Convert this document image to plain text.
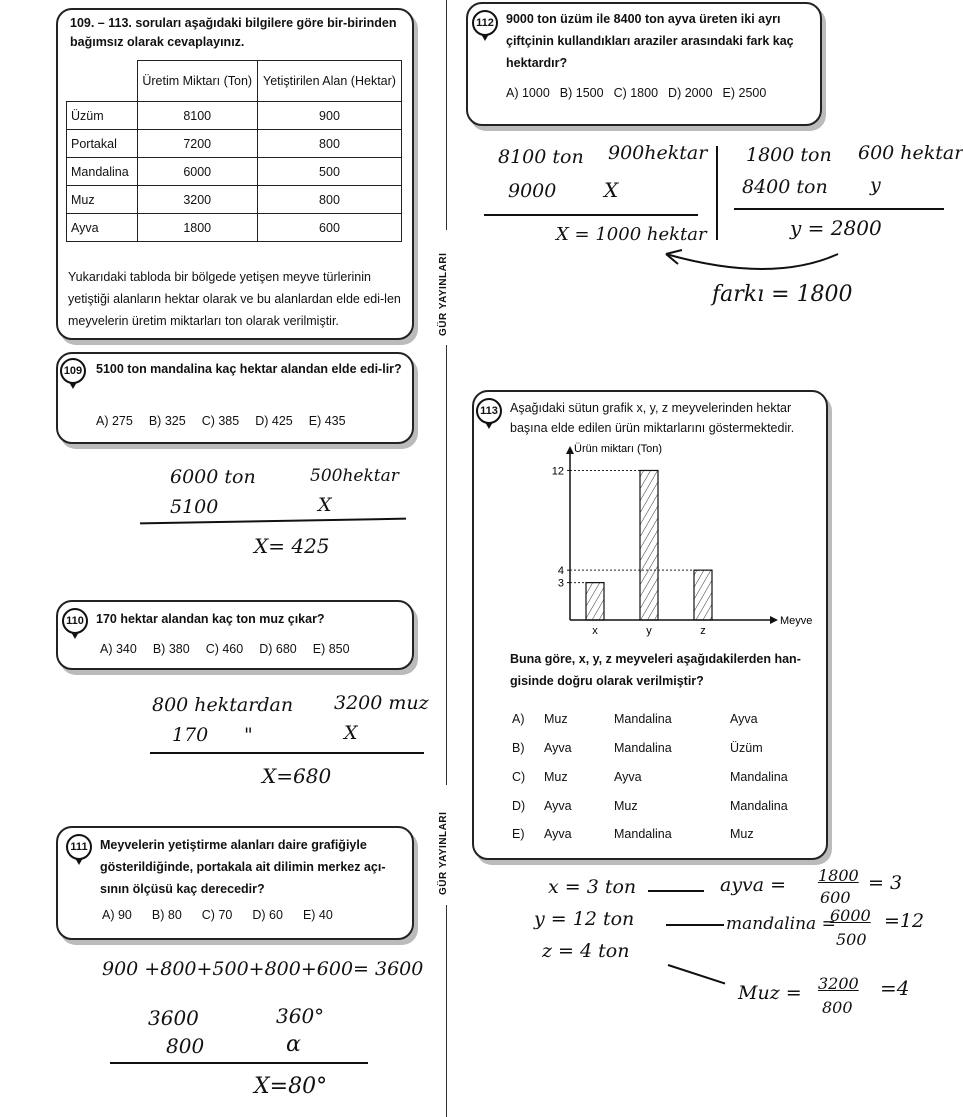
GÜR YAYINLARI
GÜR YAYINLARI
109. – 113. soruları aşağıdaki bilgilere göre bir-birinden bağımsız olarak cevaplayınız.
	Üretim Miktarı (Ton)	Yetiştirilen Alan (Hektar)
Üzüm	8100	900
Portakal	7200	800
Mandalina	6000	500
Muz	3200	800
Ayva	1800	600
Yukarıdaki tabloda bir bölgede yetişen meyve türlerinin yetiştiği alanların hektar olarak ve bu alanlardan elde edi-len meyvelerin üretim miktarları ton olarak verilmiştir.
5100 ton mandalina kaç hektar alandan elde edi-lir?
A) 275 B) 325 C) 385 D) 425 E) 435
109
6000 ton	500hektar
5100	X
X= 425
170 hektar alandan kaç ton muz çıkar?
A) 340 B) 380 C) 460 D) 680 E) 850
110
800 hektardan 3200 muz
170 "	X
X=680
Meyvelerin yetiştirme alanları daire grafiğiyle gösterildiğinde, portakala ait dilimin merkez açı-sının ölçüsü kaç derecedir?
A) 90 B) 80 C) 70 D) 60 E) 40
111
900 +800+500+800+600= 3600
3600	360°
800	α
X=80°
9000 ton üzüm ile 8400 ton ayva üreten iki ayrı çiftçinin kullandıkları araziler arasındaki fark kaç hektardır?
A) 1000 B) 1500 C) 1800 D) 2000 E) 2500
112
8100 ton 900hektar
9000 X
X = 1000 hektar
1800 ton 600 hektar
8400 ton y
y = 2800
farkı = 1800
Aşağıdaki sütun grafik x, y, z meyvelerinden hektar başına elde edilen ürün miktarlarını göstermektedir.
Ürün miktarı (Ton)
Meyve
x	y	z
3
4
12
Buna göre, x, y, z meyveleri aşağıdakilerden han-gisinde doğru olarak verilmiştir?
A) Muz	Mandalina	Ayva
B) Ayva	Mandalina	Üzüm
C) Muz	Ayva	Mandalina
D) Ayva	Muz	Mandalina
E) Ayva	Mandalina	Muz
113
x = 3 ton	ayva = 1800
600
= 3
y = 12 ton	mandalina =
6000
500
=12
z = 4 ton
Muz = 3200
800
=4
